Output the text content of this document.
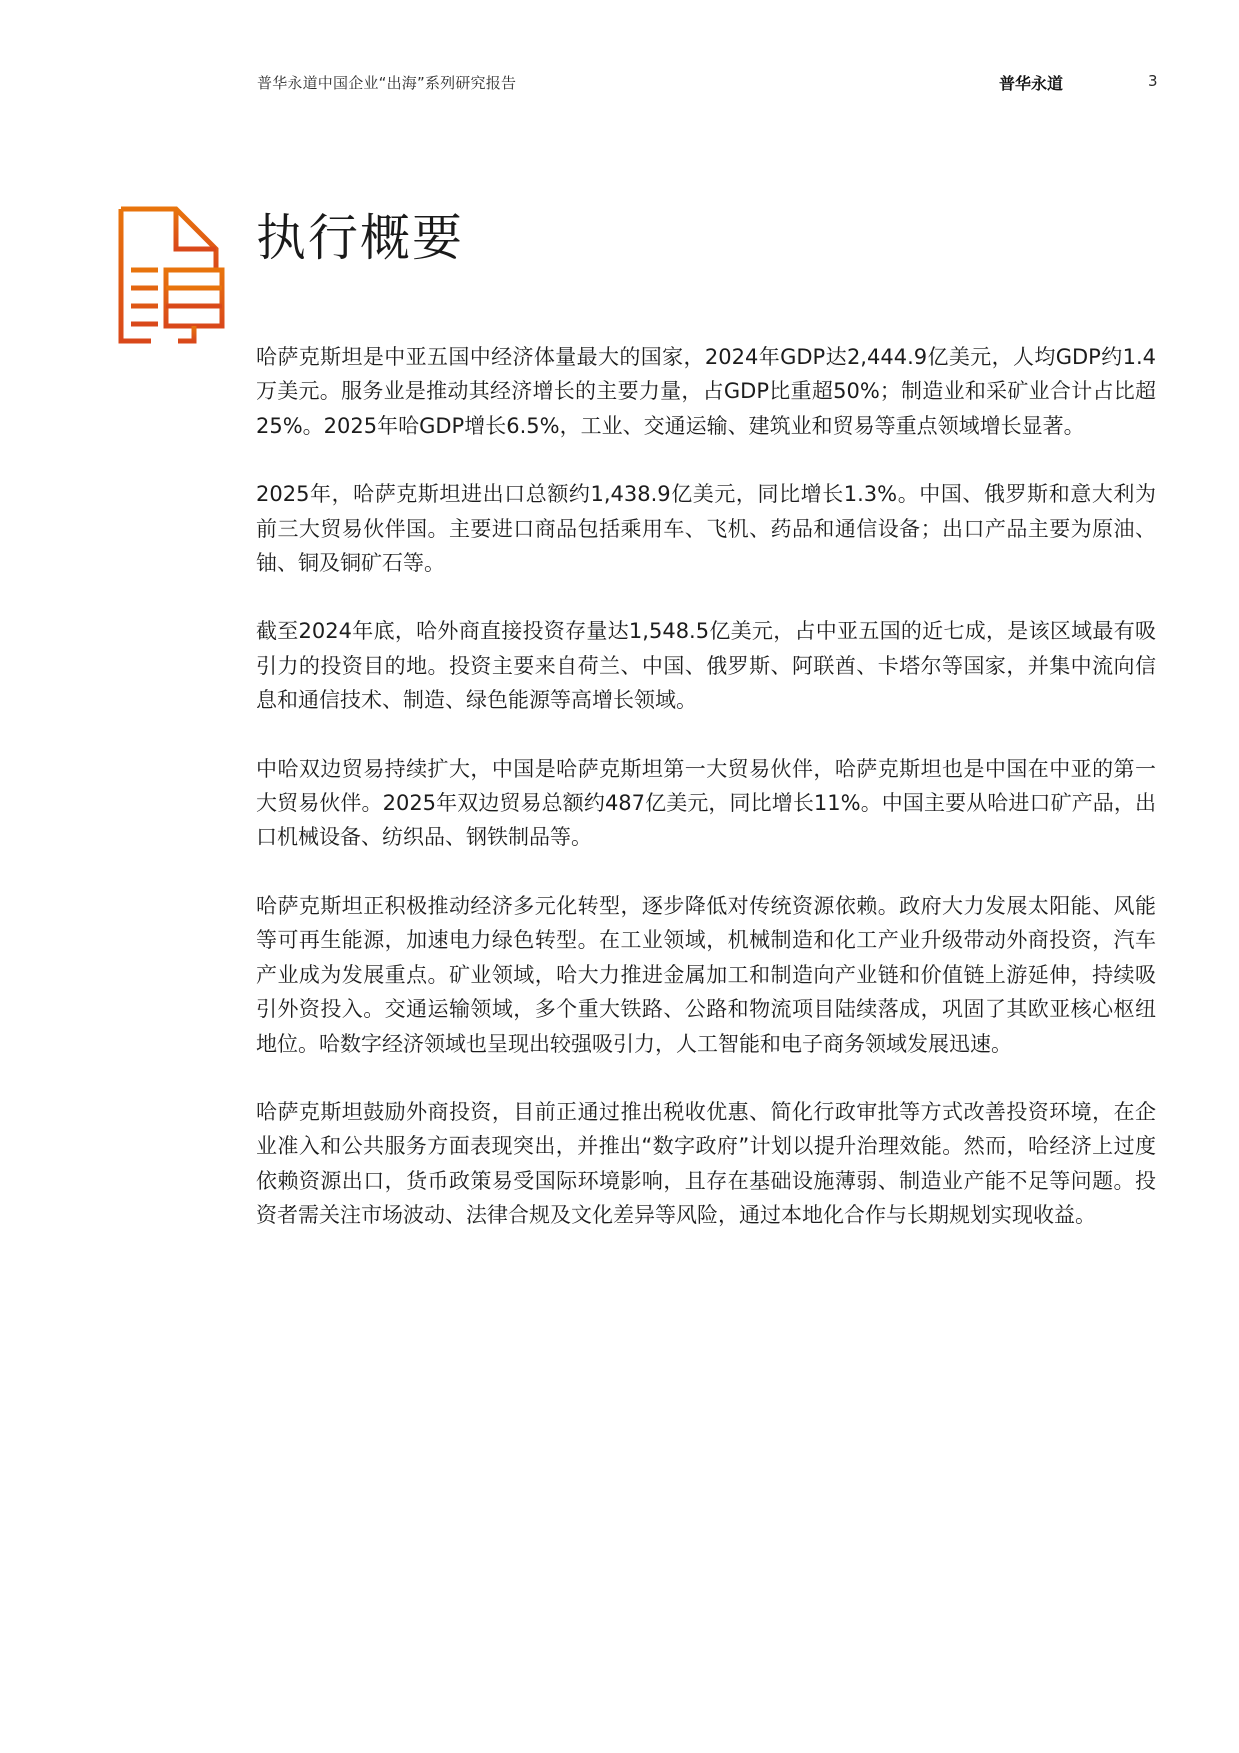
普华永道中国企业“出海”系列研究报告	普华永道	3
执行概要

哈萨克斯坦是中亚五国中经济体量最大的国家，2024年GDP达2,444.9亿美元，人均GDP约1.4万美元。服务业是推动其经济增长的主要力量，占GDP比重超50%；制造业和采矿业合计占比超25%。2025年哈GDP增长6.5%，工业、交通运输、建筑业和贸易等重点领域增长显著。

2025年，哈萨克斯坦进出口总额约1,438.9亿美元，同比增长1.3%。中国、俄罗斯和意大利为前三大贸易伙伴国。主要进口商品包括乘用车、飞机、药品和通信设备；出口产品主要为原油、铀、铜及铜矿石等。

截至2024年底，哈外商直接投资存量达1,548.5亿美元，占中亚五国的近七成，是该区域最有吸引力的投资目的地。投资主要来自荷兰、中国、俄罗斯、阿联酋、卡塔尔等国家，并集中流向信息和通信技术、制造、绿色能源等高增长领域。

中哈双边贸易持续扩大，中国是哈萨克斯坦第一大贸易伙伴，哈萨克斯坦也是中国在中亚的第一大贸易伙伴。2025年双边贸易总额约487亿美元，同比增长11%。中国主要从哈进口矿产品，出口机械设备、纺织品、钢铁制品等。

哈萨克斯坦正积极推动经济多元化转型，逐步降低对传统资源依赖。政府大力发展太阳能、风能等可再生能源，加速电力绿色转型。在工业领域，机械制造和化工产业升级带动外商投资，汽车产业成为发展重点。矿业领域，哈大力推进金属加工和制造向产业链和价值链上游延伸，持续吸引外资投入。交通运输领域，多个重大铁路、公路和物流项目陆续落成，巩固了其欧亚核心枢纽地位。哈数字经济领域也呈现出较强吸引力，人工智能和电子商务领域发展迅速。

哈萨克斯坦鼓励外商投资，目前正通过推出税收优惠、简化行政审批等方式改善投资环境，在企业准入和公共服务方面表现突出，并推出“数字政府”计划以提升治理效能。然而，哈经济上过度依赖资源出口，货币政策易受国际环境影响，且存在基础设施薄弱、制造业产能不足等问题。投资者需关注市场波动、法律合规及文化差异等风险，通过本地化合作与长期规划实现收益。
